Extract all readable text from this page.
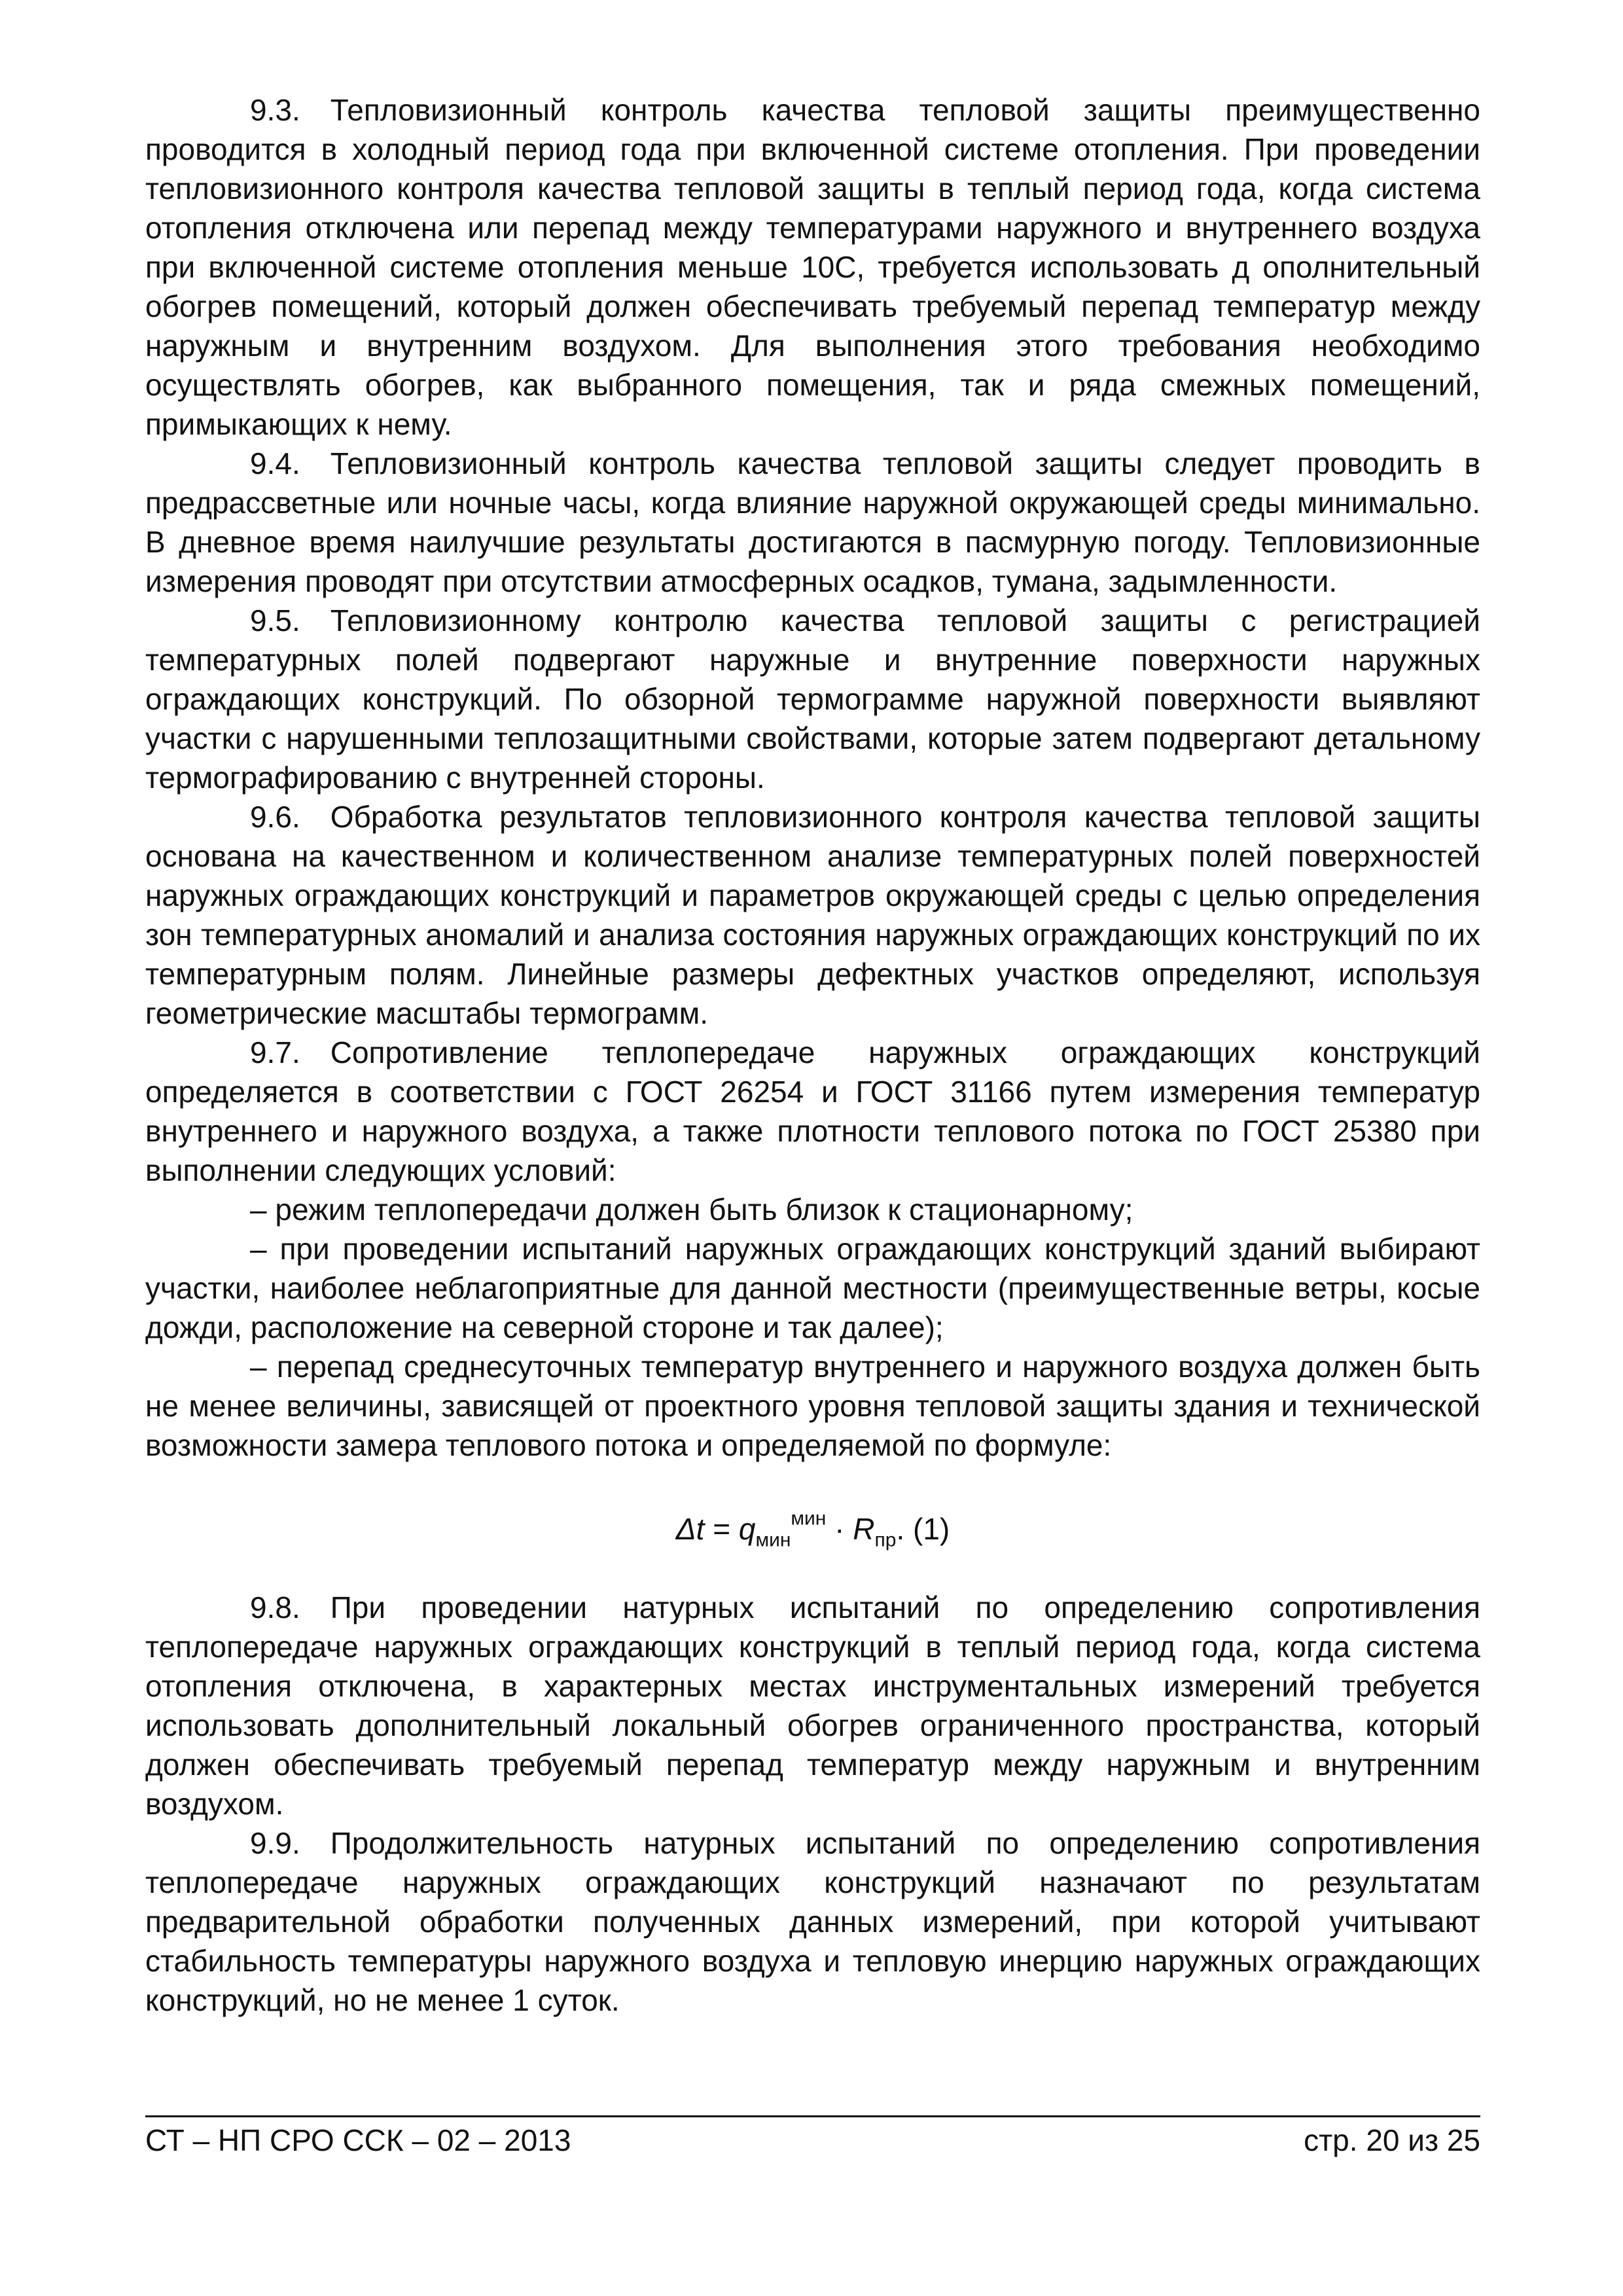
9.3. Тепловизионный контроль качества тепловой защиты преимущественно проводится в холодный период года при включенной системе отопления. При проведении тепловизионного контроля качества тепловой защиты в теплый период года, когда система отопления отключена или перепад между температурами наружного и внутреннего воздуха при включенной системе отопления меньше 10С, требуется использовать д ополнительный обогрев помещений, который должен обеспечивать требуемый перепад температур между наружным и внутренним воздухом. Для выполнения этого требования необходимо осуществлять обогрев, как выбранного помещения, так и ряда смежных помещений, примыкающих к нему.

9.4. Тепловизионный контроль качества тепловой защиты следует проводить в предрассветные или ночные часы, когда влияние наружной окружающей среды минимально. В дневное время наилучшие результаты достигаются в пасмурную погоду. Тепловизионные измерения проводят при отсутствии атмосферных осадков, тумана, задымленности.

9.5. Тепловизионному контролю качества тепловой защиты с регистрацией температурных полей подвергают наружные и внутренние поверхности наружных ограждающих конструкций. По обзорной термограмме наружной поверхности выявляют участки с нарушенными теплозащитными свойствами, которые затем подвергают детальному термографированию с внутренней стороны.

9.6. Обработка результатов тепловизионного контроля качества тепловой защиты основана на качественном и количественном анализе температурных полей поверхностей наружных ограждающих конструкций и параметров окружающей среды с целью определения зон температурных аномалий и анализа состояния наружных ограждающих конструкций по их температурным полям. Линейные размеры дефектных участков определяют, используя геометрические масштабы термограмм.

9.7. Сопротивление теплопередаче наружных ограждающих конструкций определяется в соответствии с ГОСТ 26254 и ГОСТ 31166 путем измерения температур внутреннего и наружного воздуха, а также плотности теплового потока по ГОСТ 25380 при выполнении следующих условий:

– режим теплопередачи должен быть близок к стационарному;

– при проведении испытаний наружных ограждающих конструкций зданий выбирают участки, наиболее неблагоприятные для данной местности (преимущественные ветры, косые дожди, расположение на северной стороне и так далее);

– перепад среднесуточных температур внутреннего и наружного воздуха должен быть не менее величины, зависящей от проектного уровня тепловой защиты здания и технической возможности замера теплового потока и определяемой по формуле:

$\Delta t = q_{мин}^{мин} \cdot R_{пр}$. (1)

9.8. При проведении натурных испытаний по определению сопротивления теплопередаче наружных ограждающих конструкций в теплый период года, когда система отопления отключена, в характерных местах инструментальных измерений требуется использовать дополнительный локальный обогрев ограниченного пространства, который должен обеспечивать требуемый перепад температур между наружным и внутренним воздухом.

9.9. Продолжительность натурных испытаний по определению сопротивления теплопередаче наружных ограждающих конструкций назначают по результатам предварительной обработки полученных данных измерений, при которой учитывают стабильность температуры наружного воздуха и тепловую инерцию наружных ограждающих конструкций, но не менее 1 суток.

СТ – НП СРО ССК – 02 – 2013	стр. 20 из 25
